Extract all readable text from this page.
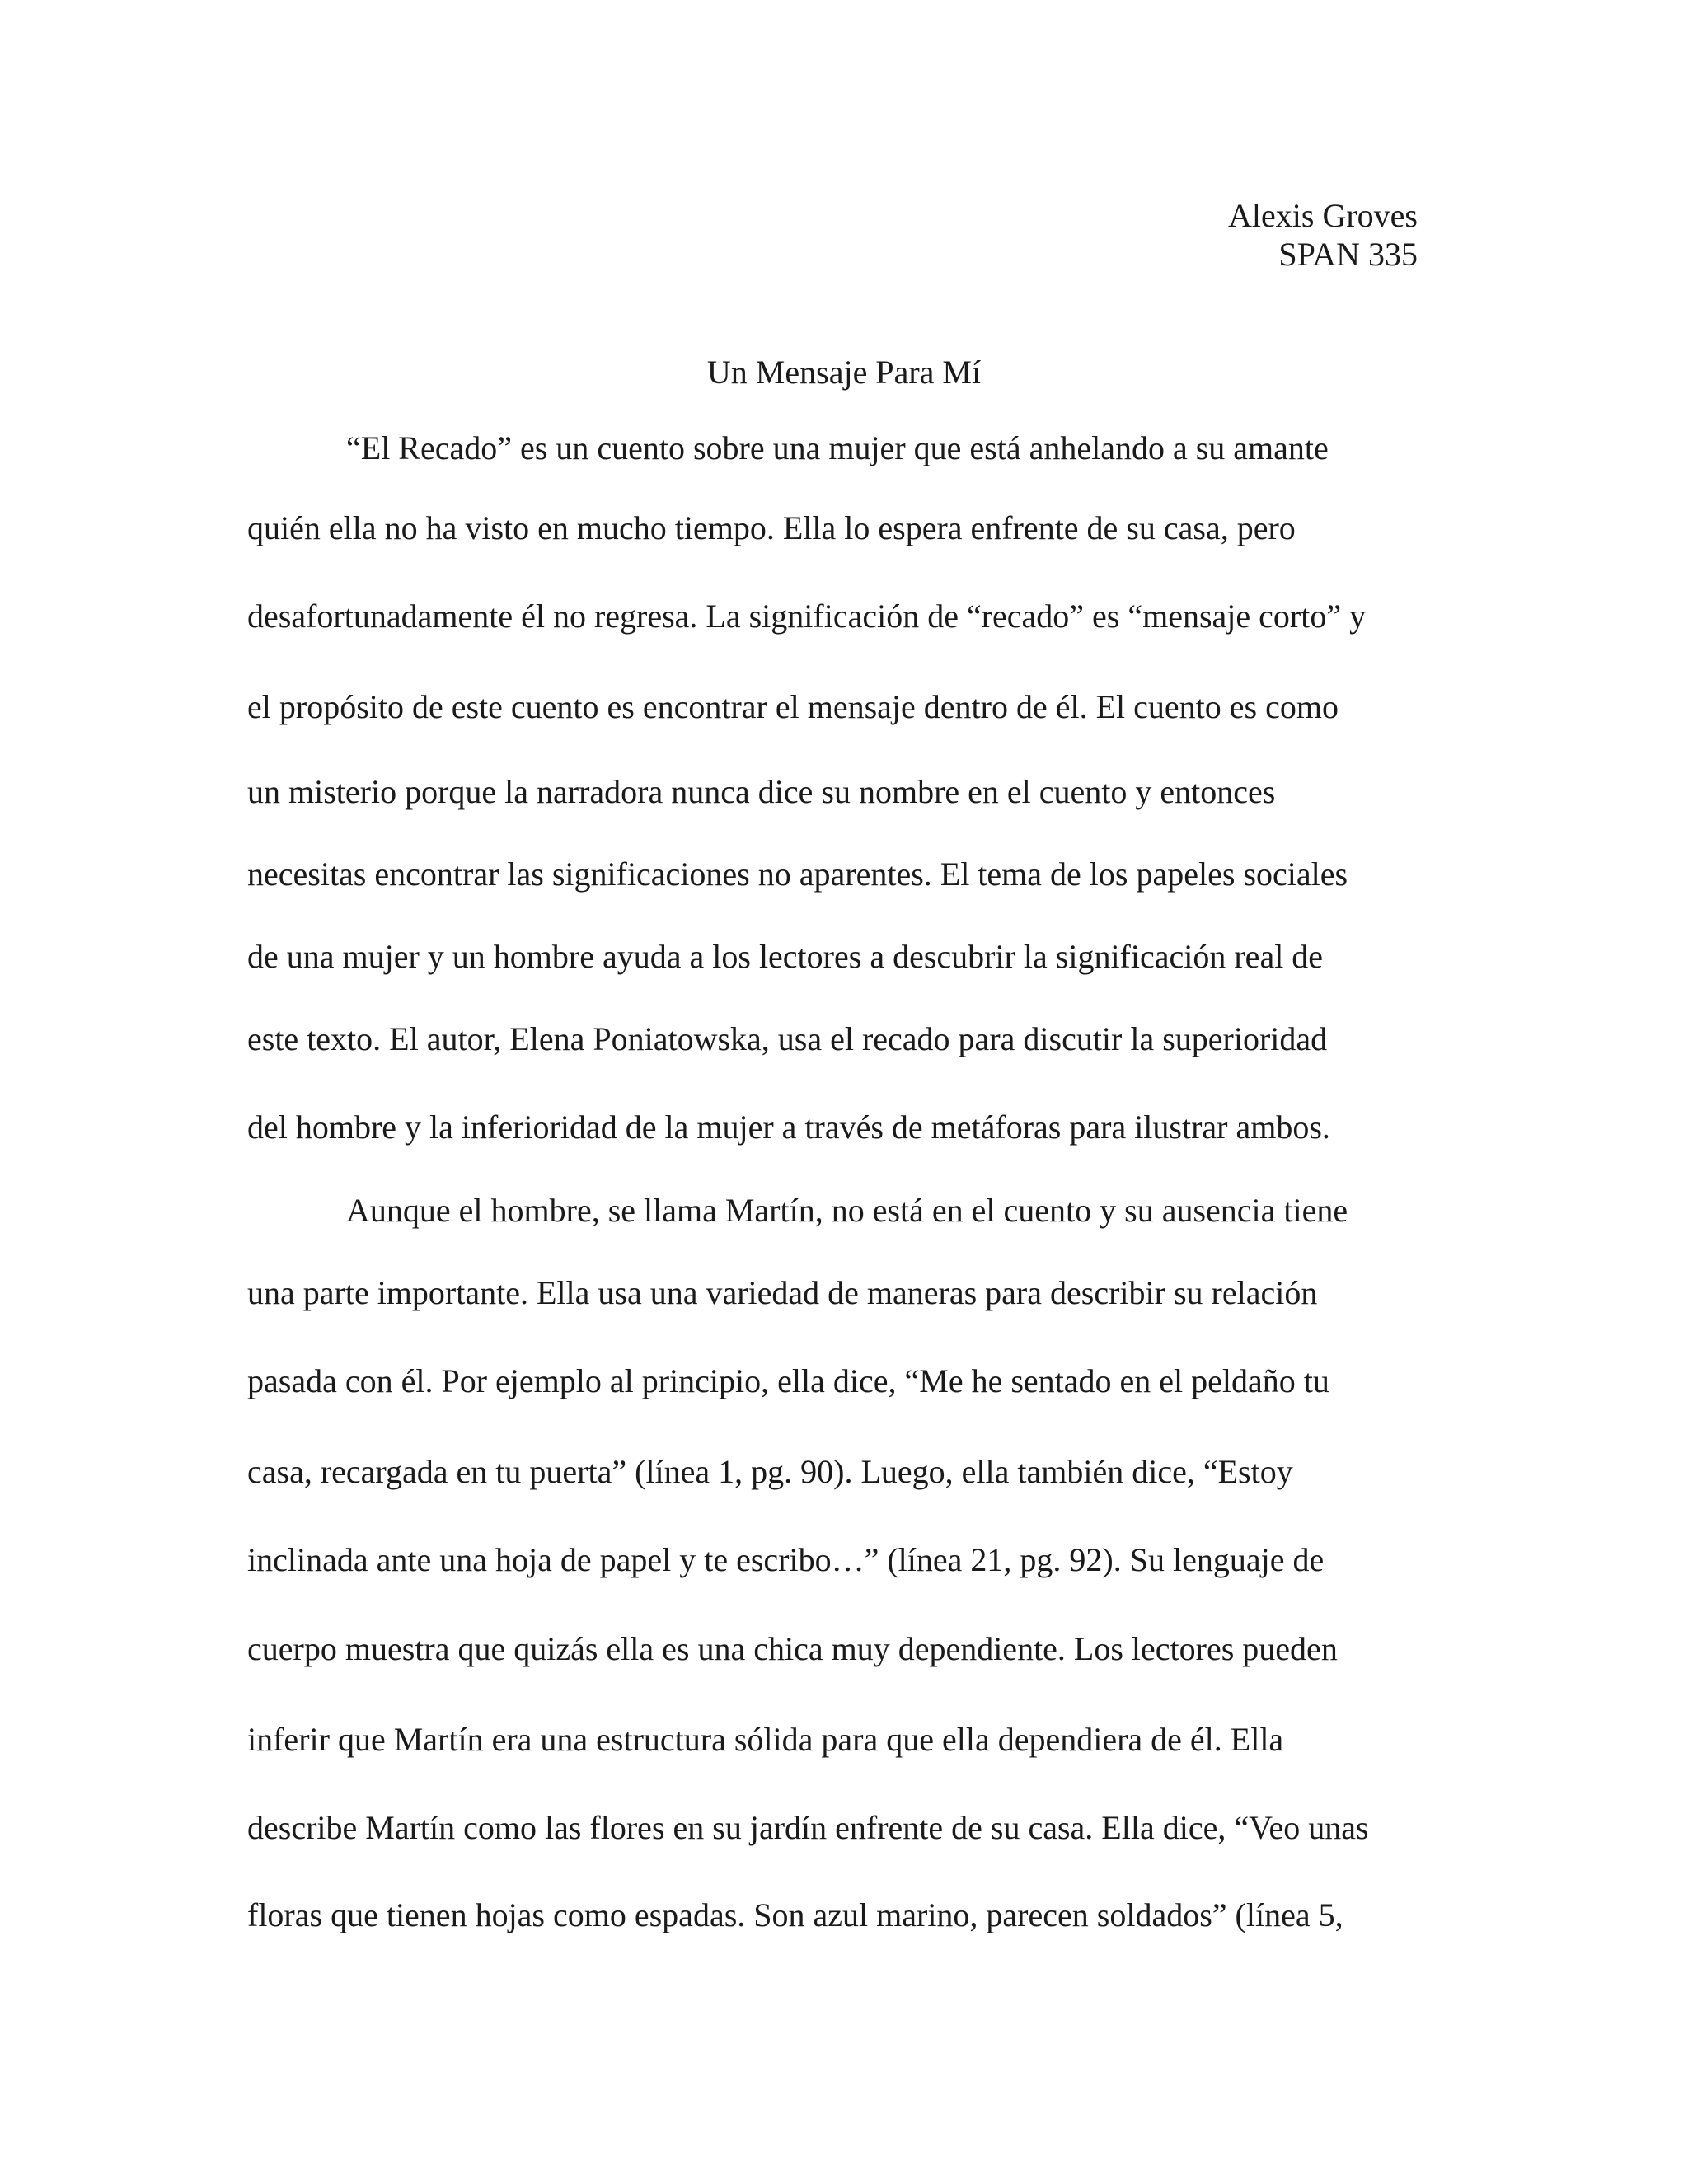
Alexis Groves
SPAN 335
Un Mensaje Para Mí
“El Recado” es un cuento sobre una mujer que está anhelando a su amante
quién ella no ha visto en mucho tiempo. Ella lo espera enfrente de su casa, pero
desafortunadamente él no regresa. La significación de “recado” es “mensaje corto” y
el propósito de este cuento es encontrar el mensaje dentro de él. El cuento es como
un misterio porque la narradora nunca dice su nombre en el cuento y entonces
necesitas encontrar las significaciones no aparentes. El tema de los papeles sociales
de una mujer y un hombre ayuda a los lectores a descubrir la significación real de
este texto. El autor, Elena Poniatowska, usa el recado para discutir la superioridad
del hombre y la inferioridad de la mujer a través de metáforas para ilustrar ambos.
Aunque el hombre, se llama Martín, no está en el cuento y su ausencia tiene
una parte importante. Ella usa una variedad de maneras para describir su relación
pasada con él. Por ejemplo al principio, ella dice, “Me he sentado en el peldaño tu
casa, recargada en tu puerta” (línea 1, pg. 90). Luego, ella también dice, “Estoy
inclinada ante una hoja de papel y te escribo…” (línea 21, pg. 92). Su lenguaje de
cuerpo muestra que quizás ella es una chica muy dependiente. Los lectores pueden
inferir que Martín era una estructura sólida para que ella dependiera de él. Ella
describe Martín como las flores en su jardín enfrente de su casa. Ella dice, “Veo unas
floras que tienen hojas como espadas. Son azul marino, parecen soldados” (línea 5,
